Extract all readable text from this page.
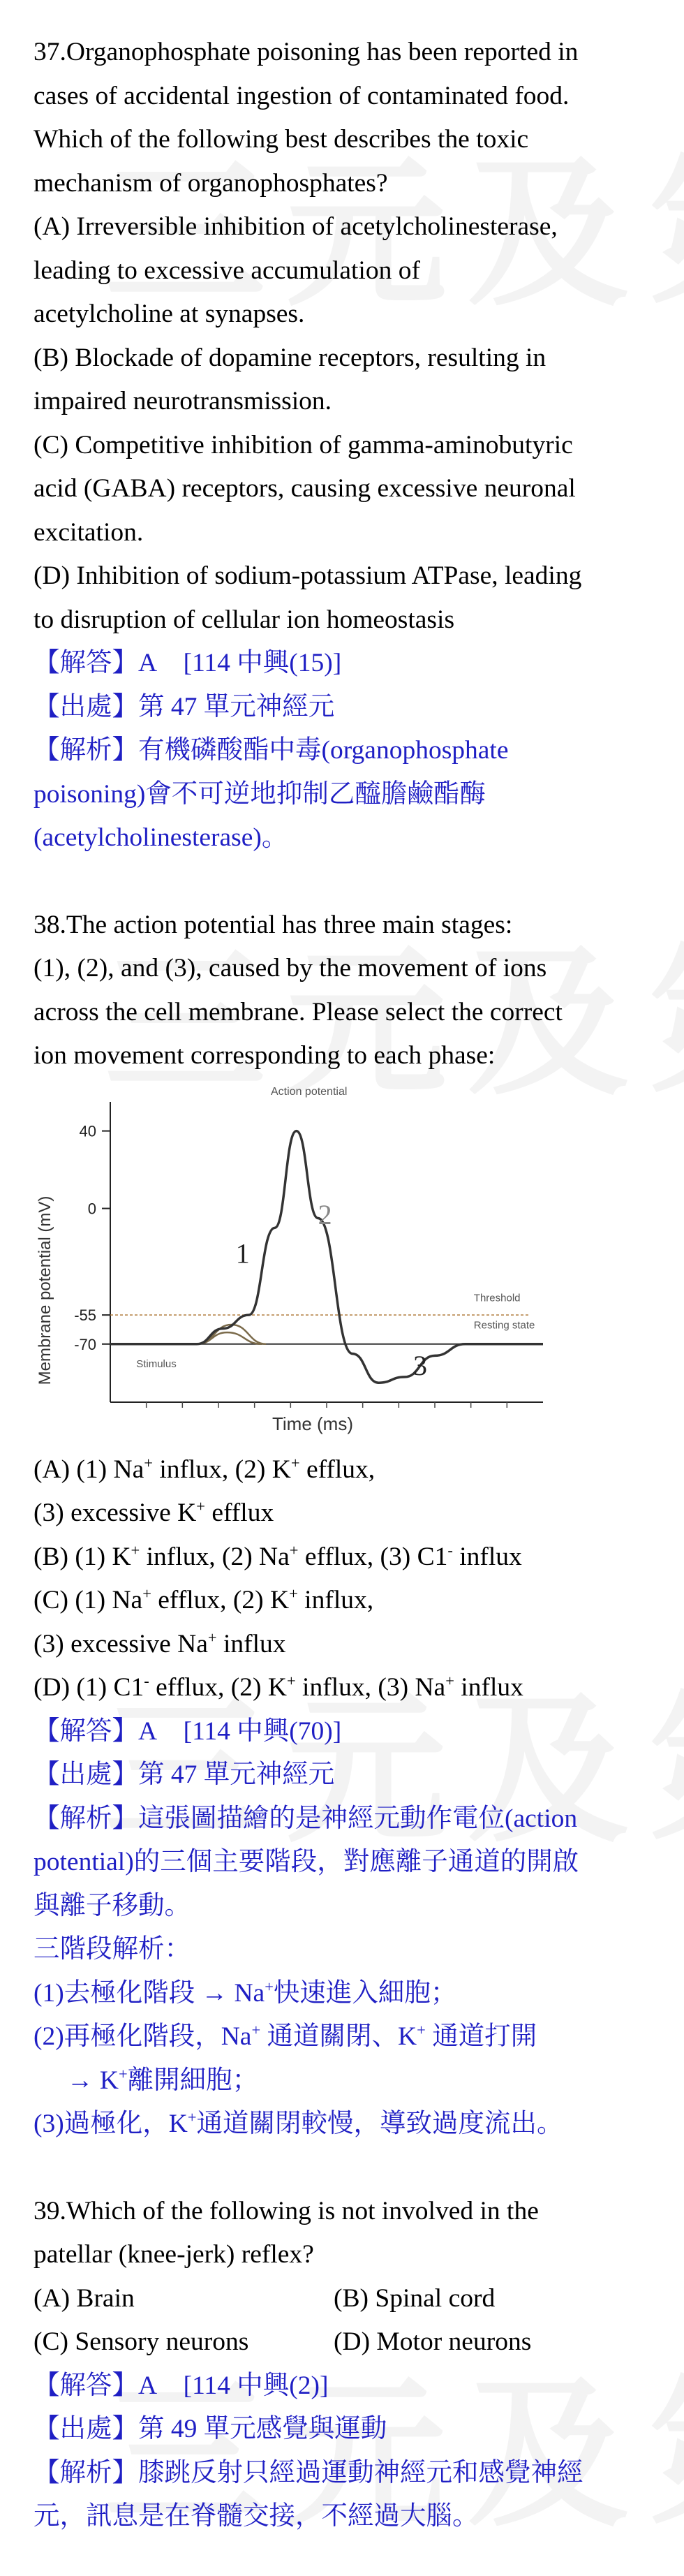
37.Organophosphate poisoning has been reported in
cases of accidental ingestion of contaminated food.
Which of the following best describes the toxic
mechanism of organophosphates?
(A) Irreversible inhibition of acetylcholinesterase,
leading to excessive accumulation of
acetylcholine at synapses.
(B) Blockade of dopamine receptors, resulting in
impaired neurotransmission.
(C) Competitive inhibition of gamma-aminobutyric
acid (GABA) receptors, causing excessive neuronal
excitation.
(D) Inhibition of sodium-potassium ATPase, leading
to disruption of cellular ion homeostasis
【解答】A    [114 中興(15)]
【出處】第 47 單元神經元
【解析】有機磷酸酯中毒(organophosphate
poisoning)會不可逆地抑制乙醯膽鹼酯酶
(acetylcholinesterase)。
38.The action potential has three main stages:
(1), (2), and (3), caused by the movement of ions
across the cell membrane. Please select the correct
ion movement corresponding to each phase:
Action potential
40
0
-55
-70
Threshold
Resting state
Stimulus
1
2
3
Membrane potential (mV)
Time (ms)
(A) (1) Na+ influx, (2) K+ efflux,
(3) excessive K+ efflux
(B) (1) K+ influx, (2) Na+ efflux, (3) C1- influx
(C) (1) Na+ efflux, (2) K+ influx,
(3) excessive Na+ influx
(D) (1) C1- efflux, (2) K+ influx, (3) Na+ influx
【解答】A    [114 中興(70)]
【出處】第 47 單元神經元
【解析】這張圖描繪的是神經元動作電位(action
potential)的三個主要階段，對應離子通道的開啟
與離子移動。
三階段解析：
(1)去極化階段 → Na+快速進入細胞；
(2)再極化階段，Na+ 通道關閉、K+ 通道打開
→ K+離開細胞；
(3)過極化，K+通道關閉較慢，導致過度流出。
39.Which of the following is not involved in the
patellar (knee-jerk) reflex?
(A) Brain	(B) Spinal cord
(C) Sensory neurons	(D) Motor neurons
【解答】A    [114 中興(2)]
【出處】第 49 單元感覺與運動
【解析】膝跳反射只經過運動神經元和感覺神經
元，訊息是在脊髓交接，不經過大腦。
